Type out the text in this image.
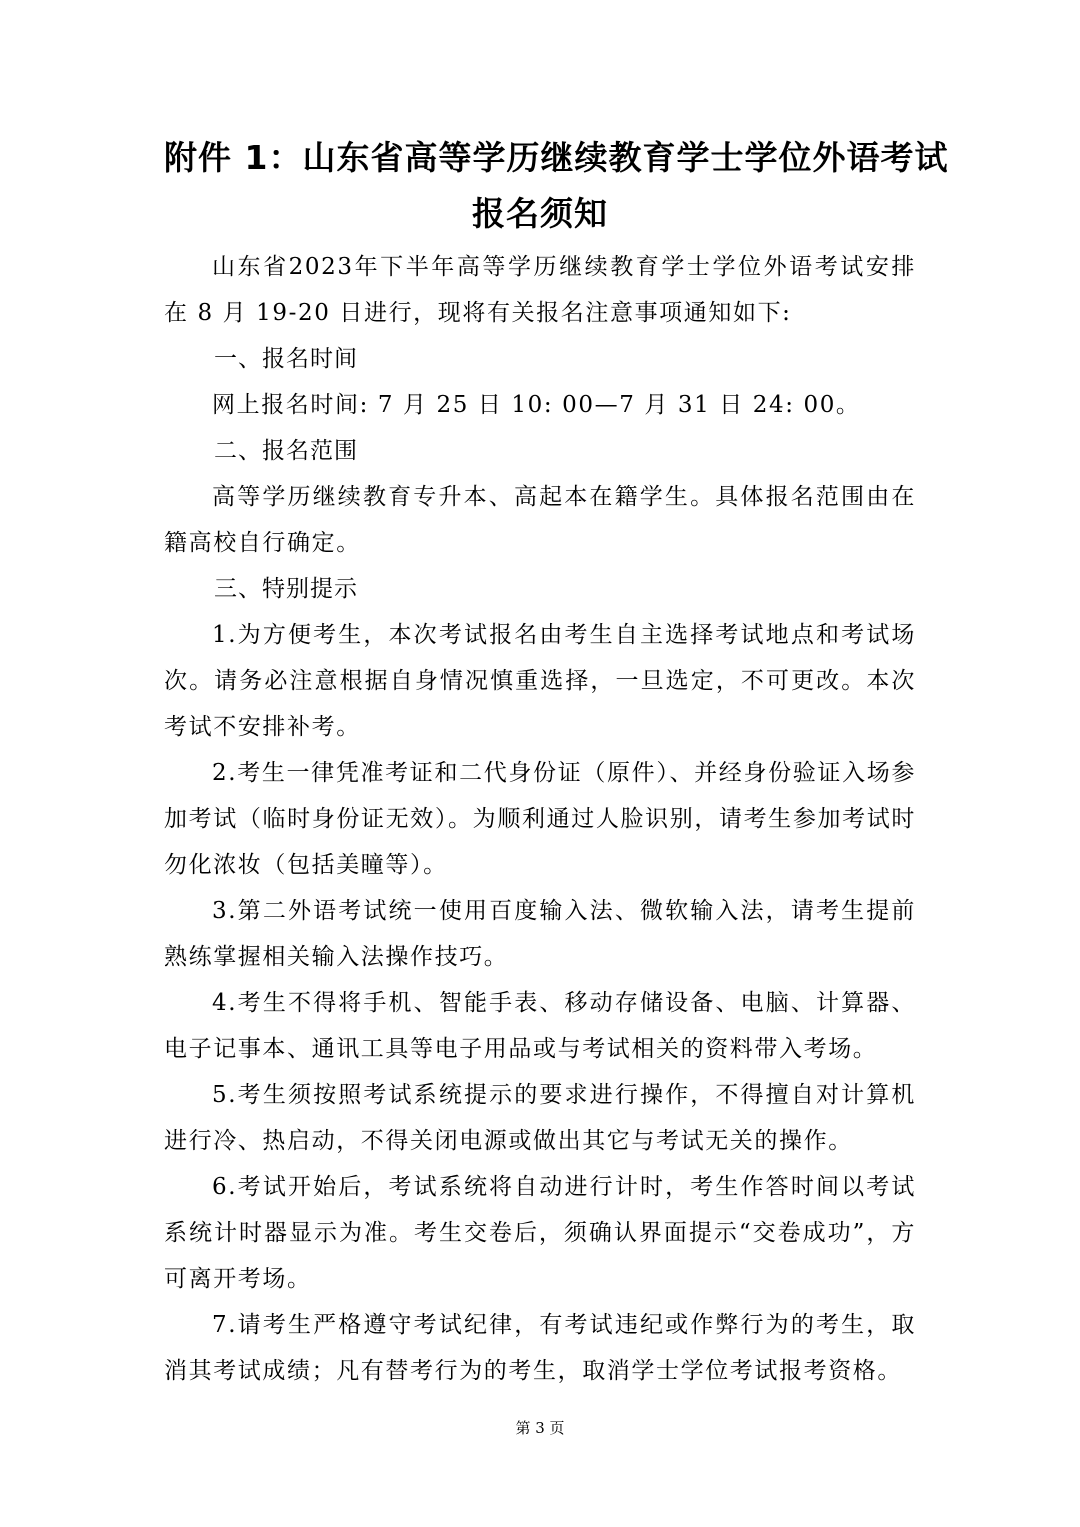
附件 1：山东省高等学历继续教育学士学位外语考试
报名须知

山东省2023年下半年高等学历继续教育学士学位外语考试安排在 8 月 19-20 日进行，现将有关报名注意事项通知如下:

一、报名时间

网上报名时间: 7 月 25 日 10: 00—7 月 31 日 24: 00。

二、报名范围

高等学历继续教育专升本、高起本在籍学生。具体报名范围由在籍高校自行确定。

三、特别提示

1.为方便考生，本次考试报名由考生自主选择考试地点和考试场次。请务必注意根据自身情况慎重选择，一旦选定，不可更改。本次考试不安排补考。

2.考生一律凭准考证和二代身份证（原件）、并经身份验证入场参加考试（临时身份证无效）。为顺利通过人脸识别，请考生参加考试时勿化浓妆（包括美瞳等）。

3.第二外语考试统一使用百度输入法、微软输入法，请考生提前熟练掌握相关输入法操作技巧。

4.考生不得将手机、智能手表、移动存储设备、电脑、计算器、电子记事本、通讯工具等电子用品或与考试相关的资料带入考场。

5.考生须按照考试系统提示的要求进行操作，不得擅自对计算机进行冷、热启动，不得关闭电源或做出其它与考试无关的操作。

6.考试开始后，考试系统将自动进行计时，考生作答时间以考试系统计时器显示为准。考生交卷后，须确认界面提示“交卷成功”，方可离开考场。

7.请考生严格遵守考试纪律，有考试违纪或作弊行为的考生，取消其考试成绩；凡有替考行为的考生，取消学士学位考试报考资格。

第 3 页
